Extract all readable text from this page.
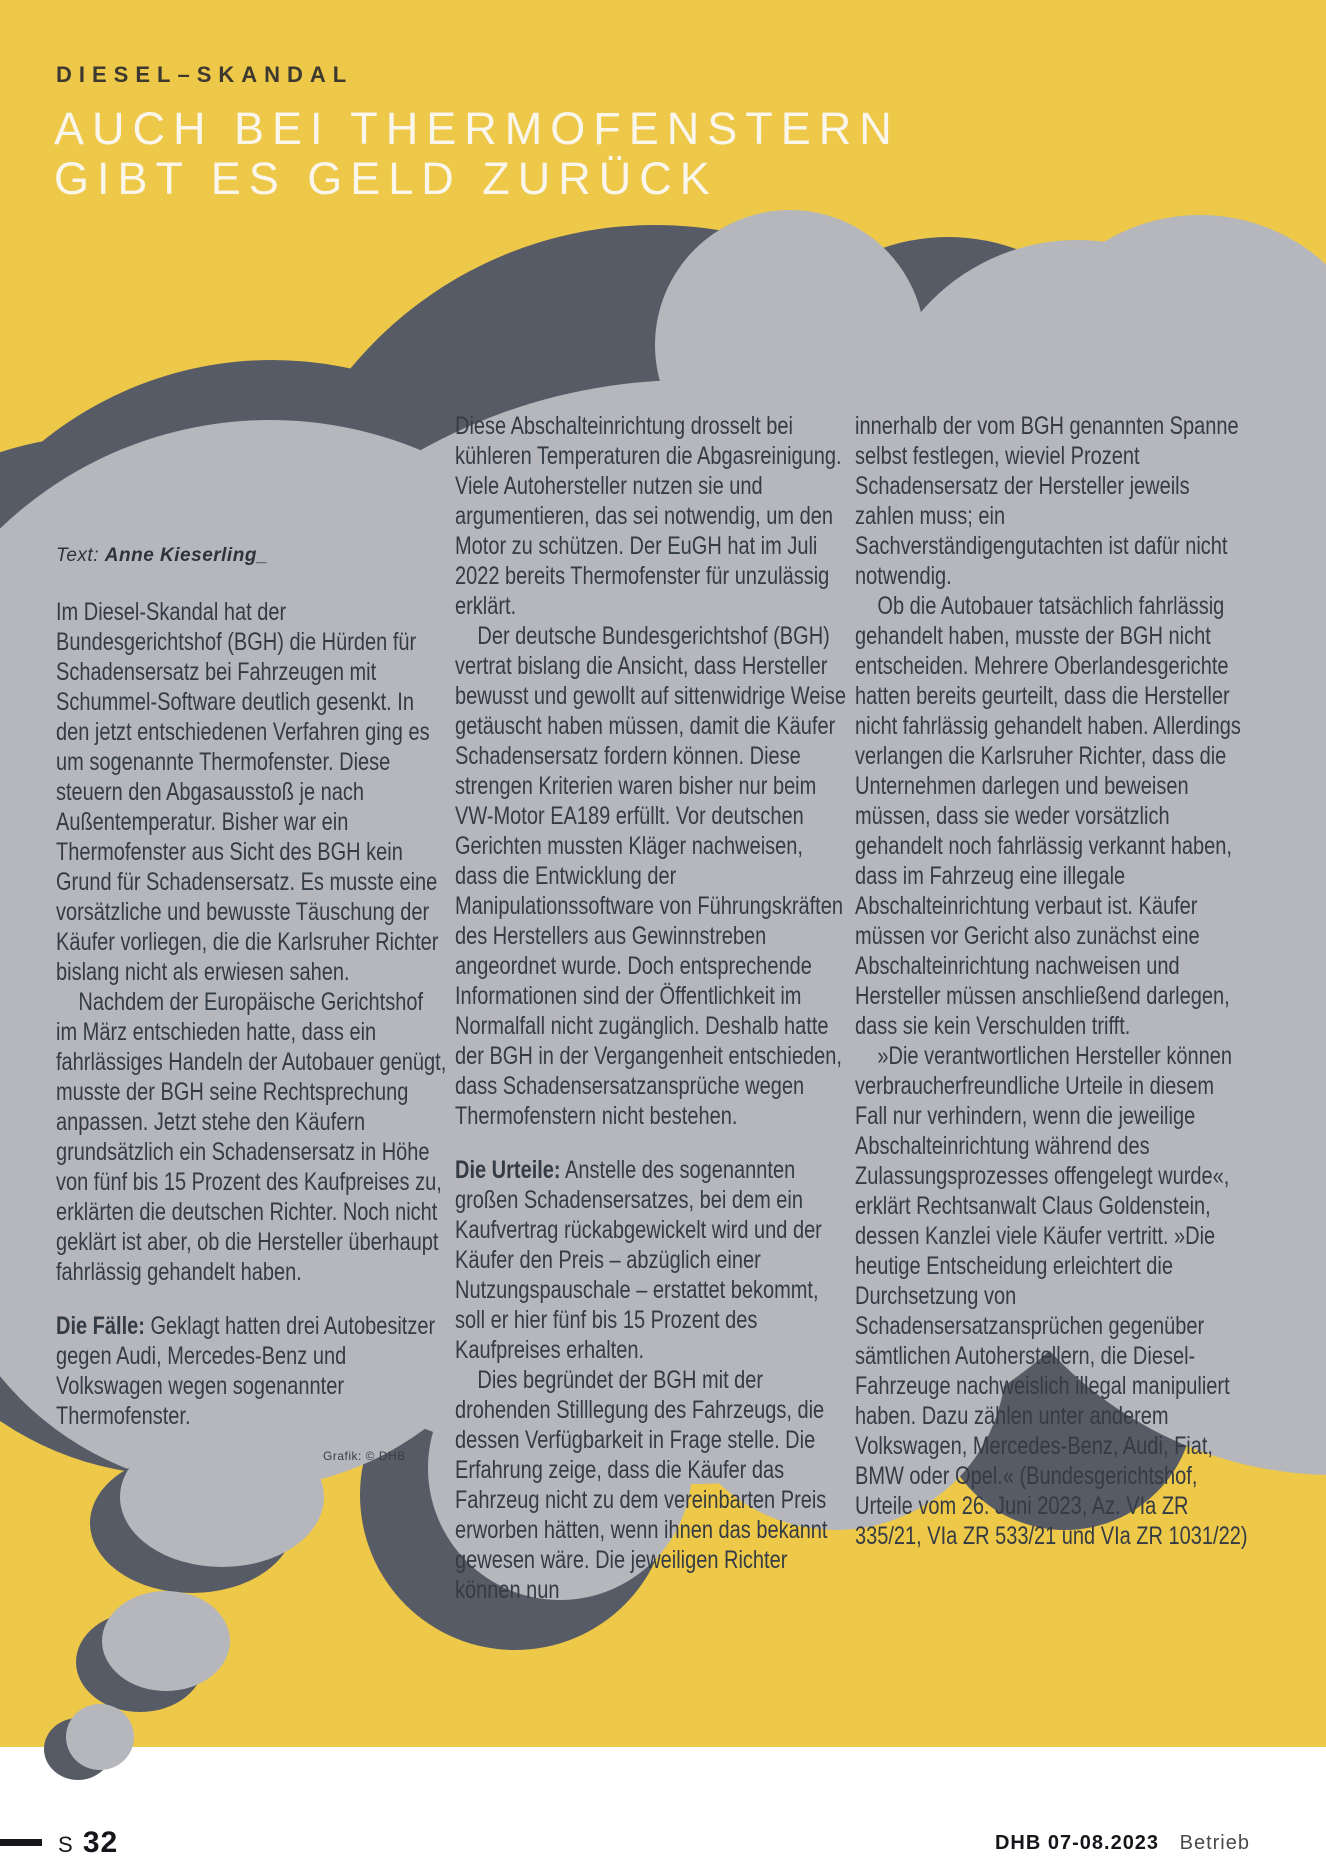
DIESEL–SKANDAL
AUCH BEI THERMOFENSTERN
GIBT ES GELD ZURÜCK
Text: Anne Kieserling_

Im Diesel-Skandal hat der Bundesgerichtshof (BGH) die Hürden für Schadensersatz bei Fahrzeugen mit Schummel-Software deutlich gesenkt. In den jetzt entschiedenen Verfahren ging es um sogenannte Thermofenster. Diese steuern den Abgasausstoß je nach Außentemperatur. Bisher war ein Thermofenster aus Sicht des BGH kein Grund für Schadensersatz. Es musste eine vorsätzliche und bewusste Täuschung der Käufer vorliegen, die die Karlsruher Richter bislang nicht als erwiesen sahen.

Nachdem der Europäische Gerichtshof im März entschieden hatte, dass ein fahrlässiges Handeln der Autobauer genügt, musste der BGH seine Rechtsprechung anpassen. Jetzt stehe den Käufern grundsätzlich ein Schadensersatz in Höhe von fünf bis 15 Prozent des Kaufpreises zu, erklärten die deutschen Richter. Noch nicht geklärt ist aber, ob die Hersteller überhaupt fahrlässig gehandelt haben.

Die Fälle: Geklagt hatten drei Autobesitzer gegen Audi, Mercedes-Benz und Volkswagen wegen sogenannter Thermofenster.

Diese Abschalteinrichtung drosselt bei kühleren Temperaturen die Abgasreinigung. Viele Autohersteller nutzen sie und argumentieren, das sei notwendig, um den Motor zu schützen. Der EuGH hat im Juli 2022 bereits Thermofenster für unzulässig erklärt.

Der deutsche Bundesgerichtshof (BGH) vertrat bislang die Ansicht, dass Hersteller bewusst und gewollt auf sittenwidrige Weise getäuscht haben müssen, damit die Käufer Schadensersatz fordern können. Diese strengen Kriterien waren bisher nur beim VW-Motor EA189 erfüllt. Vor deutschen Gerichten mussten Kläger nachweisen, dass die Entwicklung der Manipulationssoftware von Führungskräften des Herstellers aus Gewinnstreben angeordnet wurde. Doch entsprechende Informationen sind der Öffentlichkeit im Normalfall nicht zugänglich. Deshalb hatte der BGH in der Vergangenheit entschieden, dass Schadensersatzansprüche wegen Thermofenstern nicht bestehen.

Die Urteile: Anstelle des sogenannten großen Schadensersatzes, bei dem ein Kaufvertrag rückabgewickelt wird und der Käufer den Preis – abzüglich einer Nutzungspauschale – erstattet bekommt, soll er hier fünf bis 15 Prozent des Kaufpreises erhalten.

Dies begründet der BGH mit der drohenden Stilllegung des Fahrzeugs, die dessen Verfügbarkeit in Frage stelle. Die Erfahrung zeige, dass die Käufer das Fahrzeug nicht zu dem vereinbarten Preis erworben hätten, wenn ihnen das bekannt gewesen wäre. Die jeweiligen Richter können nun

innerhalb der vom BGH genannten Spanne selbst festlegen, wieviel Prozent Schadensersatz der Hersteller jeweils zahlen muss; ein Sachverständigengutachten ist dafür nicht notwendig.

Ob die Autobauer tatsächlich fahrlässig gehandelt haben, musste der BGH nicht entscheiden. Mehrere Oberlandesgerichte hatten bereits geurteilt, dass die Hersteller nicht fahrlässig gehandelt haben. Allerdings verlangen die Karlsruher Richter, dass die Unternehmen darlegen und beweisen müssen, dass sie weder vorsätzlich gehandelt noch fahrlässig verkannt haben, dass im Fahrzeug eine illegale Abschalteinrichtung verbaut ist. Käufer müssen vor Gericht also zunächst eine Abschalteinrichtung nachweisen und Hersteller müssen anschließend darlegen, dass sie kein Verschulden trifft.

»Die verantwortlichen Hersteller können verbraucherfreundliche Urteile in diesem Fall nur verhindern, wenn die jeweilige Abschalteinrichtung während des Zulassungsprozesses offengelegt wurde«, erklärt Rechtsanwalt Claus Goldenstein, dessen Kanzlei viele Käufer vertritt. »Die heutige Entscheidung erleichtert die Durchsetzung von Schadensersatzansprüchen gegenüber sämtlichen Autoherstellern, die Diesel-Fahrzeuge nachweislich illegal manipuliert haben. Dazu zählen unter anderem Volkswagen, Mercedes-Benz, Audi, Fiat, BMW oder Opel.« (Bundesgerichtshof, Urteile vom 26. Juni 2023, Az. VIa ZR 335/21, VIa ZR 533/21 und VIa ZR 1031/22)

Grafik: © DHB
S 32	DHB 07-08.2023 Betrieb
